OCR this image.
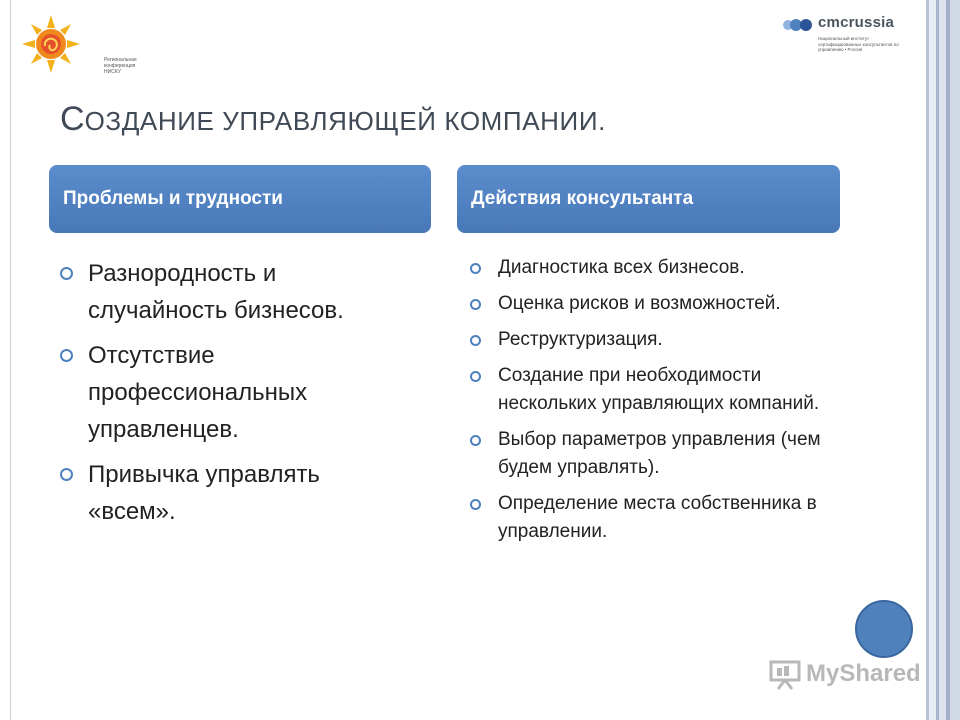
Региональная конференция НИСКУ
cmcrussia
Национальный институт сертифицированных консультантов по управлению • Россия
СОЗДАНИЕ УПРАВЛЯЮЩЕЙ КОМПАНИИ.
Проблемы и трудности	Действия консультанта
Разнородность и случайность бизнесов.
Отсутствие профессиональных управленцев.
Привычка управлять «всем».
Диагностика всех бизнесов.
Оценка рисков и возможностей.
Реструктуризация.
Создание при необходимости нескольких управляющих компаний.
Выбор параметров управления (чем будем управлять).
Определение места собственника в управлении.
MyShared
